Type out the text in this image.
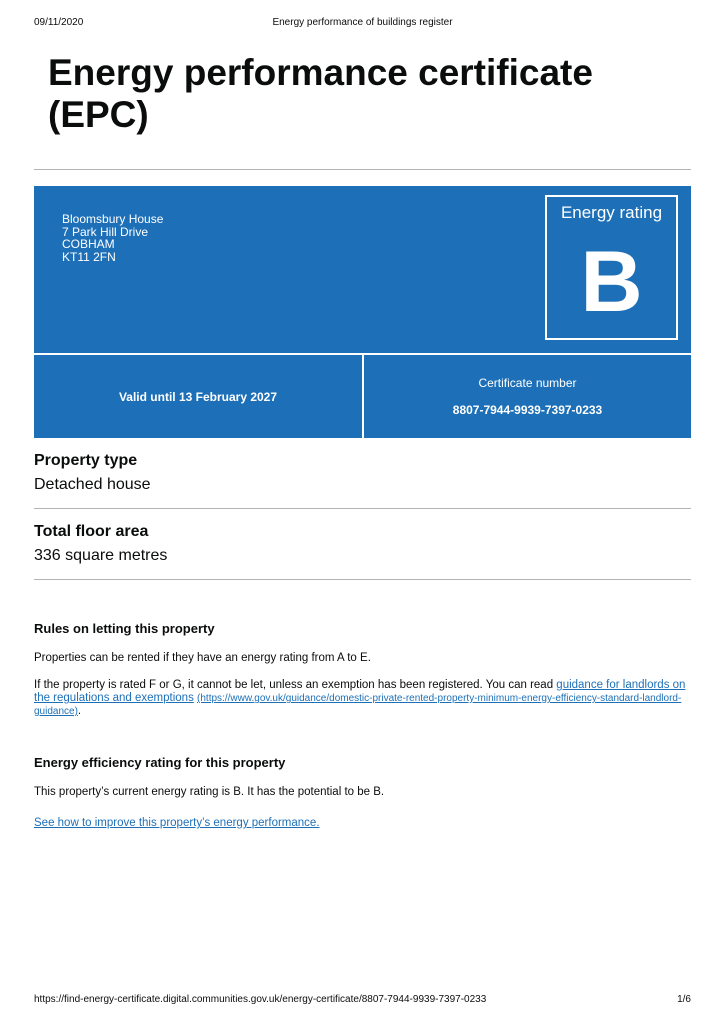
09/11/2020	Energy performance of buildings register
Energy performance certificate (EPC)
Bloomsbury House
7 Park Hill Drive
COBHAM
KT11 2FN
Energy rating
B
Valid until 13 February 2027
Certificate number
8807-7944-9939-7397-0233
Property type
Detached house
Total floor area
336 square metres
Rules on letting this property
Properties can be rented if they have an energy rating from A to E.
If the property is rated F or G, it cannot be let, unless an exemption has been registered. You can read guidance for landlords on the regulations and exemptions (https://www.gov.uk/guidance/domestic-private-rented-property-minimum-energy-efficiency-standard-landlord-guidance).
Energy efficiency rating for this property
This property’s current energy rating is B. It has the potential to be B.
See how to improve this property’s energy performance.
https://find-energy-certificate.digital.communities.gov.uk/energy-certificate/8807-7944-9939-7397-0233	1/6
